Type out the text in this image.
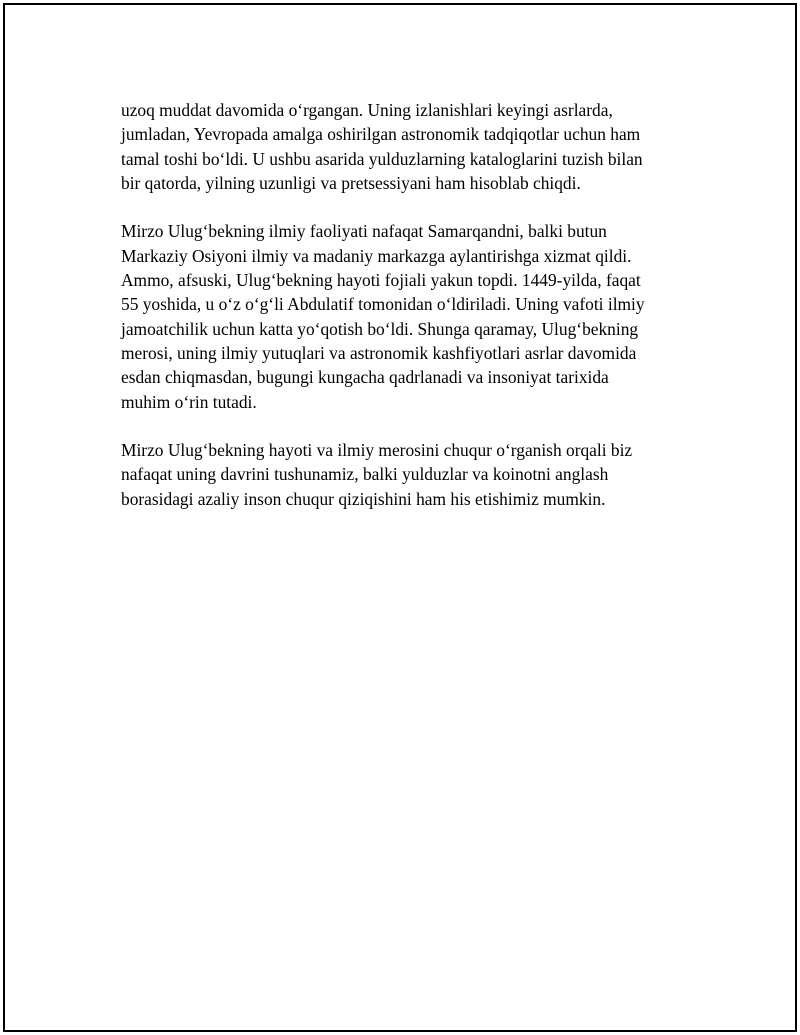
uzoq muddat davomida o‘rgangan. Uning izlanishlari keyingi asrlarda,
jumladan, Yevropada amalga oshirilgan astronomik tadqiqotlar uchun ham
tamal toshi bo‘ldi. U ushbu asarida yulduzlarning kataloglarini tuzish bilan
bir qatorda, yilning uzunligi va pretsessiyani ham hisoblab chiqdi.

Mirzo Ulug‘bekning ilmiy faoliyati nafaqat Samarqandni, balki butun
Markaziy Osiyoni ilmiy va madaniy markazga aylantirishga xizmat qildi.
Ammo, afsuski, Ulug‘bekning hayoti fojiali yakun topdi. 1449-yilda, faqat
55 yoshida, u o‘z o‘g‘li Abdulatif tomonidan o‘ldiriladi. Uning vafoti ilmiy
jamoatchilik uchun katta yo‘qotish bo‘ldi. Shunga qaramay, Ulug‘bekning
merosi, uning ilmiy yutuqlari va astronomik kashfiyotlari asrlar davomida
esdan chiqmasdan, bugungi kungacha qadrlanadi va insoniyat tarixida
muhim o‘rin tutadi.

Mirzo Ulug‘bekning hayoti va ilmiy merosini chuqur o‘rganish orqali biz
nafaqat uning davrini tushunamiz, balki yulduzlar va koinotni anglash
borasidagi azaliy inson chuqur qiziqishini ham his etishimiz mumkin.
